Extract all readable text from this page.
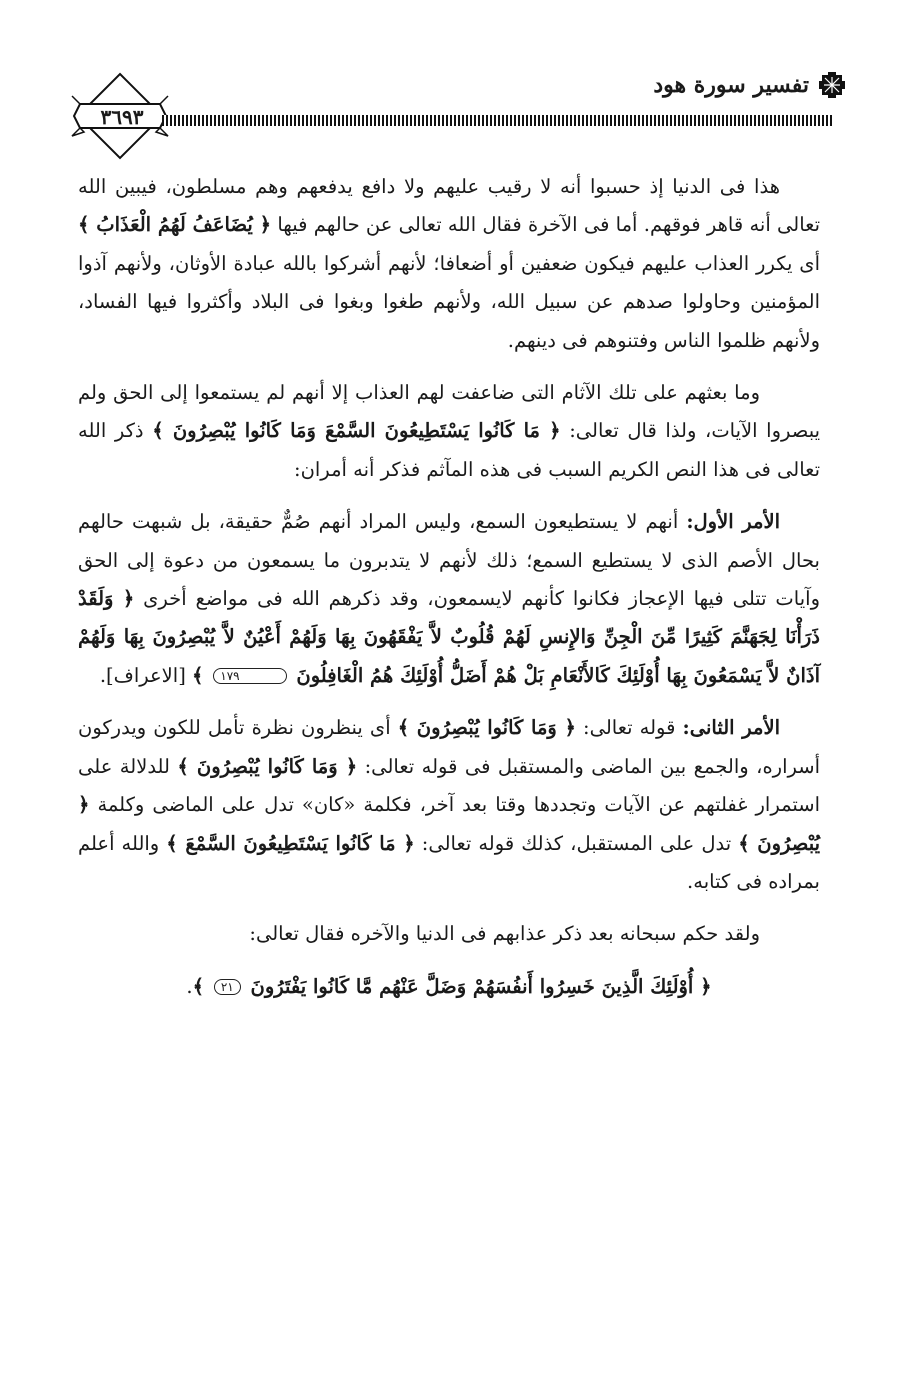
٣٦٩٣
تفسير سورة هود

هذا فى الدنيا إذ حسبوا أنه لا رقيب عليهم ولا دافع يدفعهم وهم مسلطون، فيبين الله تعالى أنه قاهر فوقهم. أما فى الآخرة فقال الله تعالى عن حالهم فيها ﴿ يُضَاعَفُ لَهُمُ الْعَذَابُ ﴾ أى يكرر العذاب عليهم فيكون ضعفين أو أضعافا؛ لأنهم أشركوا بالله عبادة الأوثان، ولأنهم آذوا المؤمنين وحاولوا صدهم عن سبيل الله، ولأنهم طغوا وبغوا فى البلاد وأكثروا فيها الفساد، ولأنهم ظلموا الناس وفتنوهم فى دينهم.

وما بعثهم على تلك الآثام التى ضاعفت لهم العذاب إلا أنهم لم يستمعوا إلى الحق ولم يبصروا الآيات، ولذا قال تعالى: ﴿ مَا كَانُوا يَسْتَطِيعُونَ السَّمْعَ وَمَا كَانُوا يُبْصِرُونَ ﴾ ذكر الله تعالى فى هذا النص الكريم السبب فى هذه المآثم فذكر أنه أمران:

الأمر الأول: أنهم لا يستطيعون السمع، وليس المراد أنهم صُمٌّ حقيقة، بل شبهت حالهم بحال الأصم الذى لا يستطيع السمع؛ ذلك لأنهم لا يتدبرون ما يسمعون من دعوة إلى الحق وآيات تتلى فيها الإعجاز فكانوا كأنهم لايسمعون، وقد ذكرهم الله فى مواضع أخرى ﴿ وَلَقَدْ ذَرَأْنَا لِجَهَنَّمَ كَثِيرًا مِّنَ الْجِنِّ وَالإِنسِ لَهُمْ قُلُوبٌ لاَّ يَفْقَهُونَ بِهَا وَلَهُمْ أَعْيُنٌ لاَّ يُبْصِرُونَ بِهَا وَلَهُمْ آذَانٌ لاَّ يَسْمَعُونَ بِهَا أُوْلَئِكَ كَالأَنْعَامِ بَلْ هُمْ أَضَلُّ أُوْلَئِكَ هُمُ الْغَافِلُونَ ١٧٩ ﴾ [الاعراف].

الأمر الثانى: قوله تعالى: ﴿ وَمَا كَانُوا يُبْصِرُونَ ﴾ أى ينظرون نظرة تأمل للكون ويدركون أسراره، والجمع بين الماضى والمستقبل فى قوله تعالى: ﴿ وَمَا كَانُوا يُبْصِرُونَ ﴾ للدلالة على استمرار غفلتهم عن الآيات وتجددها وقتا بعد آخر، فكلمة «كان» تدل على الماضى وكلمة ﴿ يُبْصِرُونَ ﴾ تدل على المستقبل، كذلك قوله تعالى: ﴿ مَا كَانُوا يَسْتَطِيعُونَ السَّمْعَ ﴾ والله أعلم بمراده فى كتابه.

ولقد حكم سبحانه بعد ذكر عذابهم فى الدنيا والآخره فقال تعالى:

﴿ أُوْلَئِكَ الَّذِينَ خَسِرُوا أَنفُسَهُمْ وَضَلَّ عَنْهُم مَّا كَانُوا يَفْتَرُونَ ٢١ ﴾.
